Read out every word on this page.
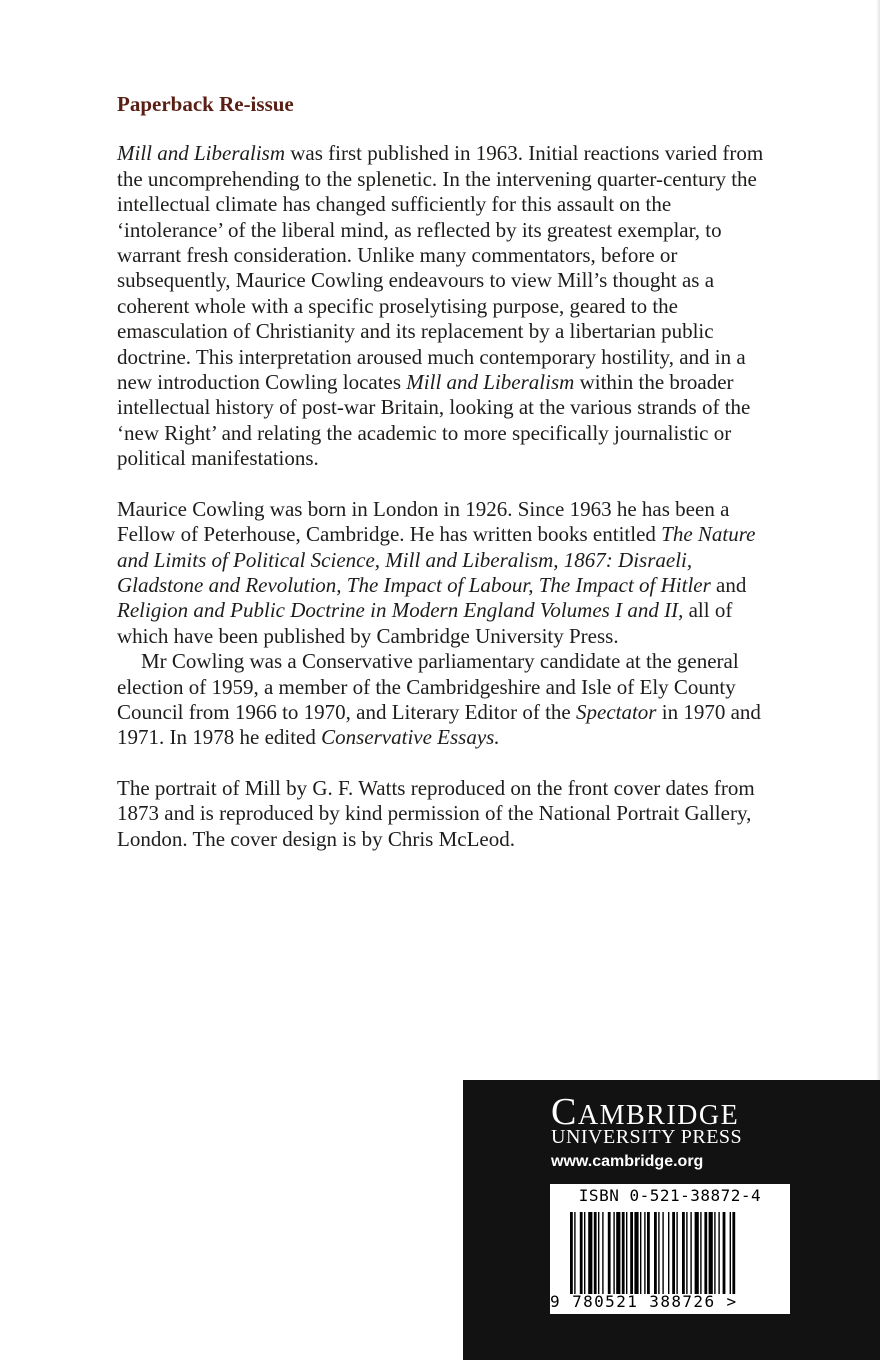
Paperback Re-issue

Mill and Liberalism was first published in 1963. Initial reactions varied from the uncomprehending to the splenetic. In the intervening quarter-century the intellectual climate has changed sufficiently for this assault on the ‘intolerance’ of the liberal mind, as reflected by its greatest exemplar, to warrant fresh consideration. Unlike many commentators, before or subsequently, Maurice Cowling endeavours to view Mill’s thought as a coherent whole with a specific proselytising purpose, geared to the emasculation of Christianity and its replacement by a libertarian public doctrine. This interpretation aroused much contemporary hostility, and in a new introduction Cowling locates Mill and Liberalism within the broader intellectual history of post-war Britain, looking at the various strands of the ‘new Right’ and relating the academic to more specifically journalistic or political manifestations.

Maurice Cowling was born in London in 1926. Since 1963 he has been a Fellow of Peterhouse, Cambridge. He has written books entitled The Nature and Limits of Political Science, Mill and Liberalism, 1867: Disraeli, Gladstone and Revolution, The Impact of Labour, The Impact of Hitler and Religion and Public Doctrine in Modern England Volumes I and II, all of which have been published by Cambridge University Press.

Mr Cowling was a Conservative parliamentary candidate at the general election of 1959, a member of the Cambridgeshire and Isle of Ely County Council from 1966 to 1970, and Literary Editor of the Spectator in 1970 and 1971. In 1978 he edited Conservative Essays.

The portrait of Mill by G. F. Watts reproduced on the front cover dates from 1873 and is reproduced by kind permission of the National Portrait Gallery, London. The cover design is by Chris McLeod.

CAMBRIDGE
UNIVERSITY PRESS
www.cambridge.org
ISBN 0-521-38872-4
9 780521 388726 >
